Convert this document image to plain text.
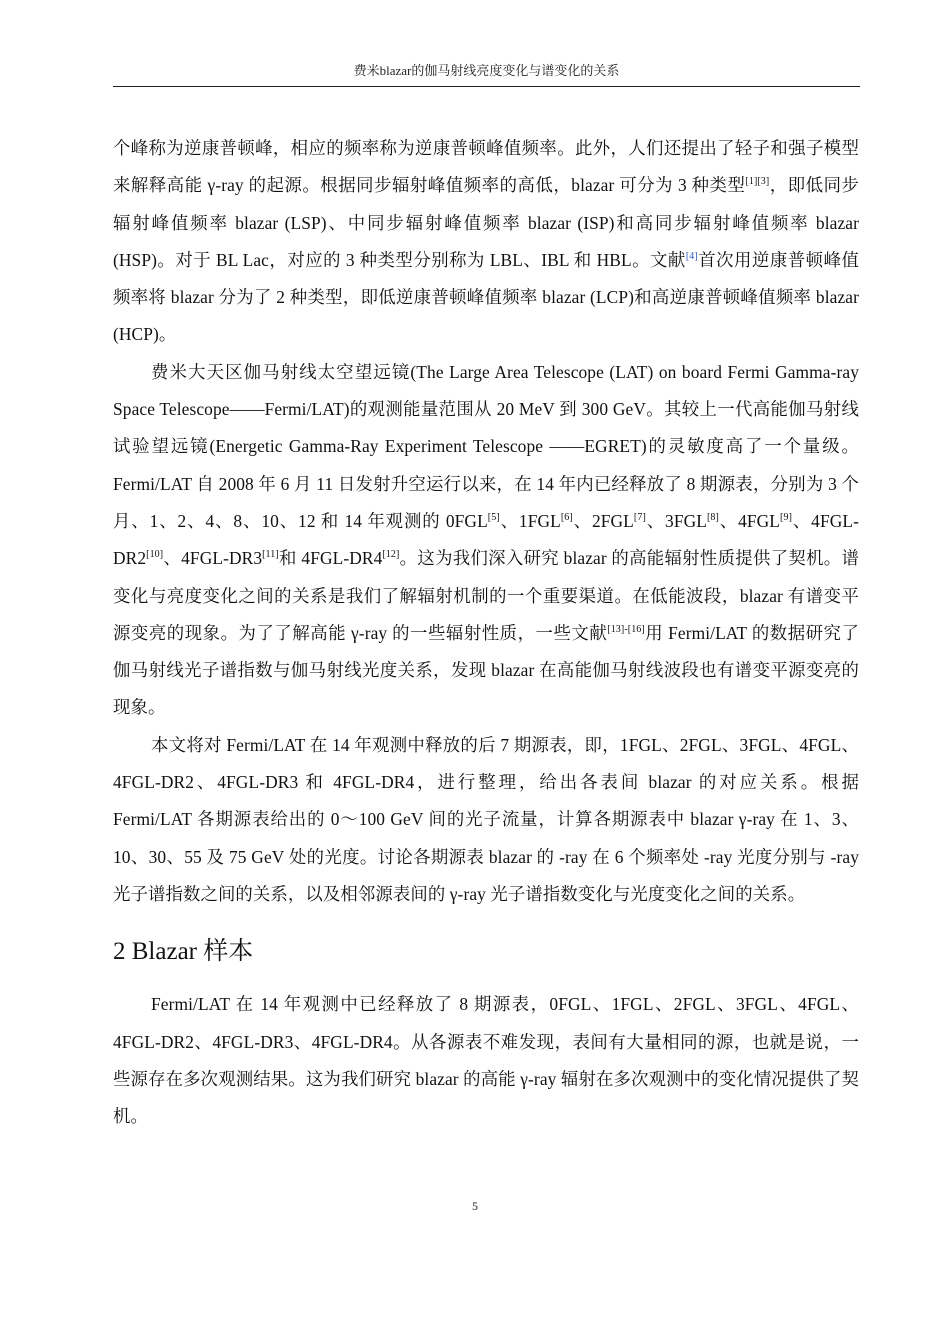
费米blazar的伽马射线亮度变化与谱变化的关系

个峰称为逆康普顿峰，相应的频率称为逆康普顿峰值频率。此外，人们还提出了轻子和强子模型来解释高能 γ-ray 的起源。根据同步辐射峰值频率的高低，blazar 可分为 3 种类型[1][3]，即低同步辐射峰值频率 blazar (LSP)、中同步辐射峰值频率 blazar (ISP)和高同步辐射峰值频率 blazar (HSP)。对于 BL Lac，对应的 3 种类型分别称为 LBL、IBL 和 HBL。文献[4]首次用逆康普顿峰值频率将 blazar 分为了 2 种类型，即低逆康普顿峰值频率 blazar (LCP)和高逆康普顿峰值频率 blazar (HCP)。

费米大天区伽马射线太空望远镜(The Large Area Telescope (LAT) on board Fermi Gamma-ray Space Telescope——Fermi/LAT)的观测能量范围从 20 MeV 到 300 GeV。其较上一代高能伽马射线试验望远镜(Energetic Gamma-Ray Experiment Telescope ——EGRET)的灵敏度高了一个量级。Fermi/LAT 自 2008 年 6 月 11 日发射升空运行以来，在 14 年内已经释放了 8 期源表，分别为 3 个月、1、2、4、8、10、12 和 14 年观测的 0FGL[5]、1FGL[6]、2FGL[7]、3FGL[8]、4FGL[9]、4FGL-DR2[10]、4FGL-DR3[11]和 4FGL-DR4[12]。这为我们深入研究 blazar 的高能辐射性质提供了契机。谱变化与亮度变化之间的关系是我们了解辐射机制的一个重要渠道。在低能波段，blazar 有谱变平源变亮的现象。为了了解高能 γ-ray 的一些辐射性质，一些文献[13]-[16]用 Fermi/LAT 的数据研究了伽马射线光子谱指数与伽马射线光度关系，发现 blazar 在高能伽马射线波段也有谱变平源变亮的现象。

本文将对 Fermi/LAT 在 14 年观测中释放的后 7 期源表，即，1FGL、2FGL、3FGL、4FGL、4FGL-DR2、4FGL-DR3 和 4FGL-DR4，进行整理，给出各表间 blazar 的对应关系。根据 Fermi/LAT 各期源表给出的 0～100 GeV 间的光子流量，计算各期源表中 blazar γ-ray 在 1、3、10、30、55 及 75 GeV 处的光度。讨论各期源表 blazar 的 -ray 在 6 个频率处 -ray 光度分别与 -ray 光子谱指数之间的关系，以及相邻源表间的 γ-ray 光子谱指数变化与光度变化之间的关系。

2 Blazar 样本

Fermi/LAT 在 14 年观测中已经释放了 8 期源表，0FGL、1FGL、2FGL、3FGL、4FGL、4FGL-DR2、4FGL-DR3、4FGL-DR4。从各源表不难发现，表间有大量相同的源，也就是说，一些源存在多次观测结果。这为我们研究 blazar 的高能 γ-ray 辐射在多次观测中的变化情况提供了契机。

5
